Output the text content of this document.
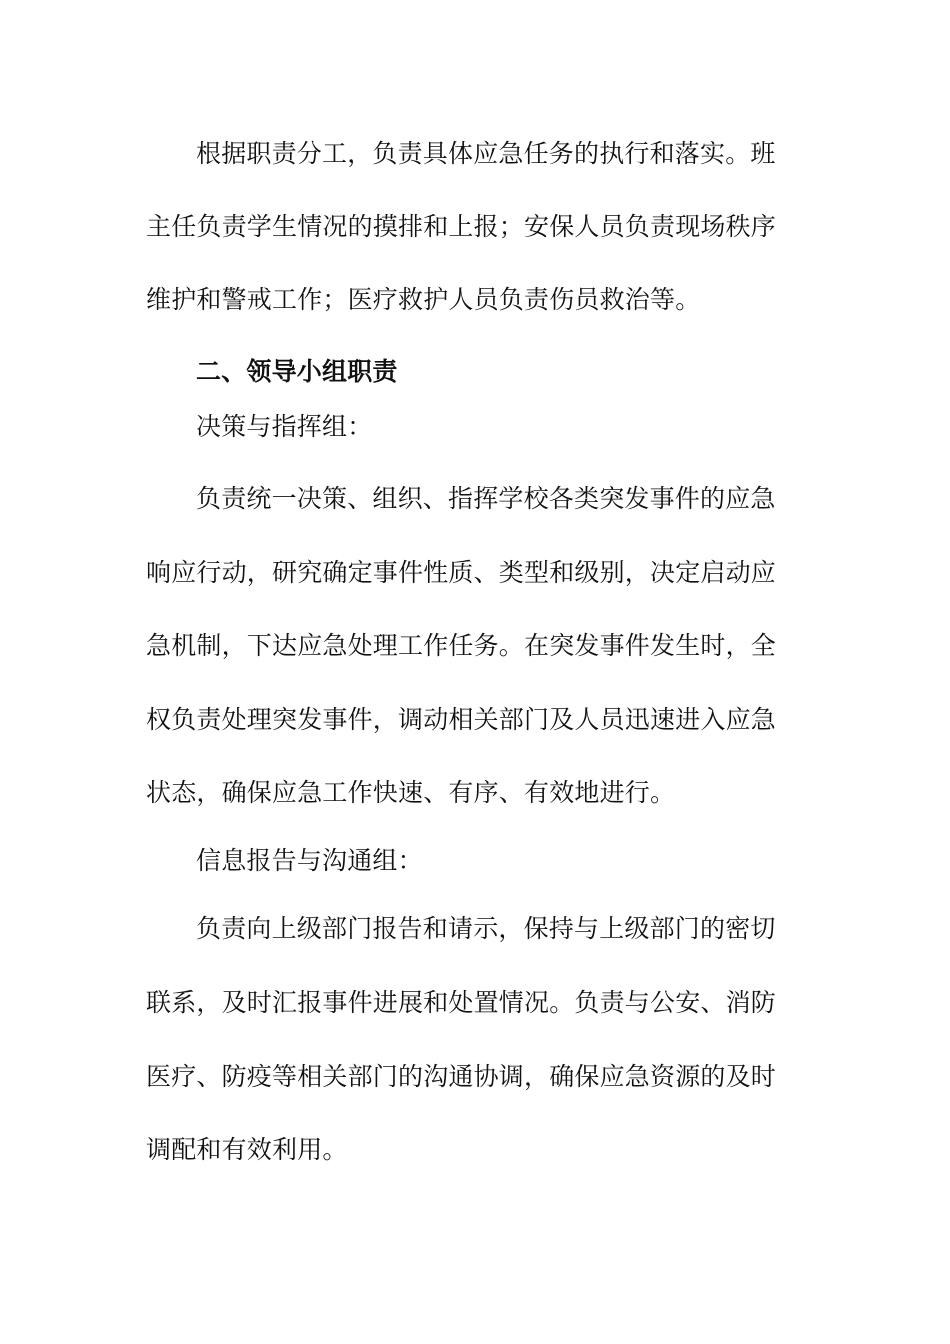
根据职责分工，负责具体应急任务的执行和落实。班
主任负责学生情况的摸排和上报；安保人员负责现场秩序
维护和警戒工作；医疗救护人员负责伤员救治等。
二、领导小组职责
决策与指挥组：
负责统一决策、组织、指挥学校各类突发事件的应急
响应行动，研究确定事件性质、类型和级别，决定启动应
急机制，下达应急处理工作任务。在突发事件发生时，全
权负责处理突发事件，调动相关部门及人员迅速进入应急
状态，确保应急工作快速、有序、有效地进行。
信息报告与沟通组：
负责向上级部门报告和请示，保持与上级部门的密切
联系，及时汇报事件进展和处置情况。负责与公安、消防
医疗、防疫等相关部门的沟通协调，确保应急资源的及时
调配和有效利用。
